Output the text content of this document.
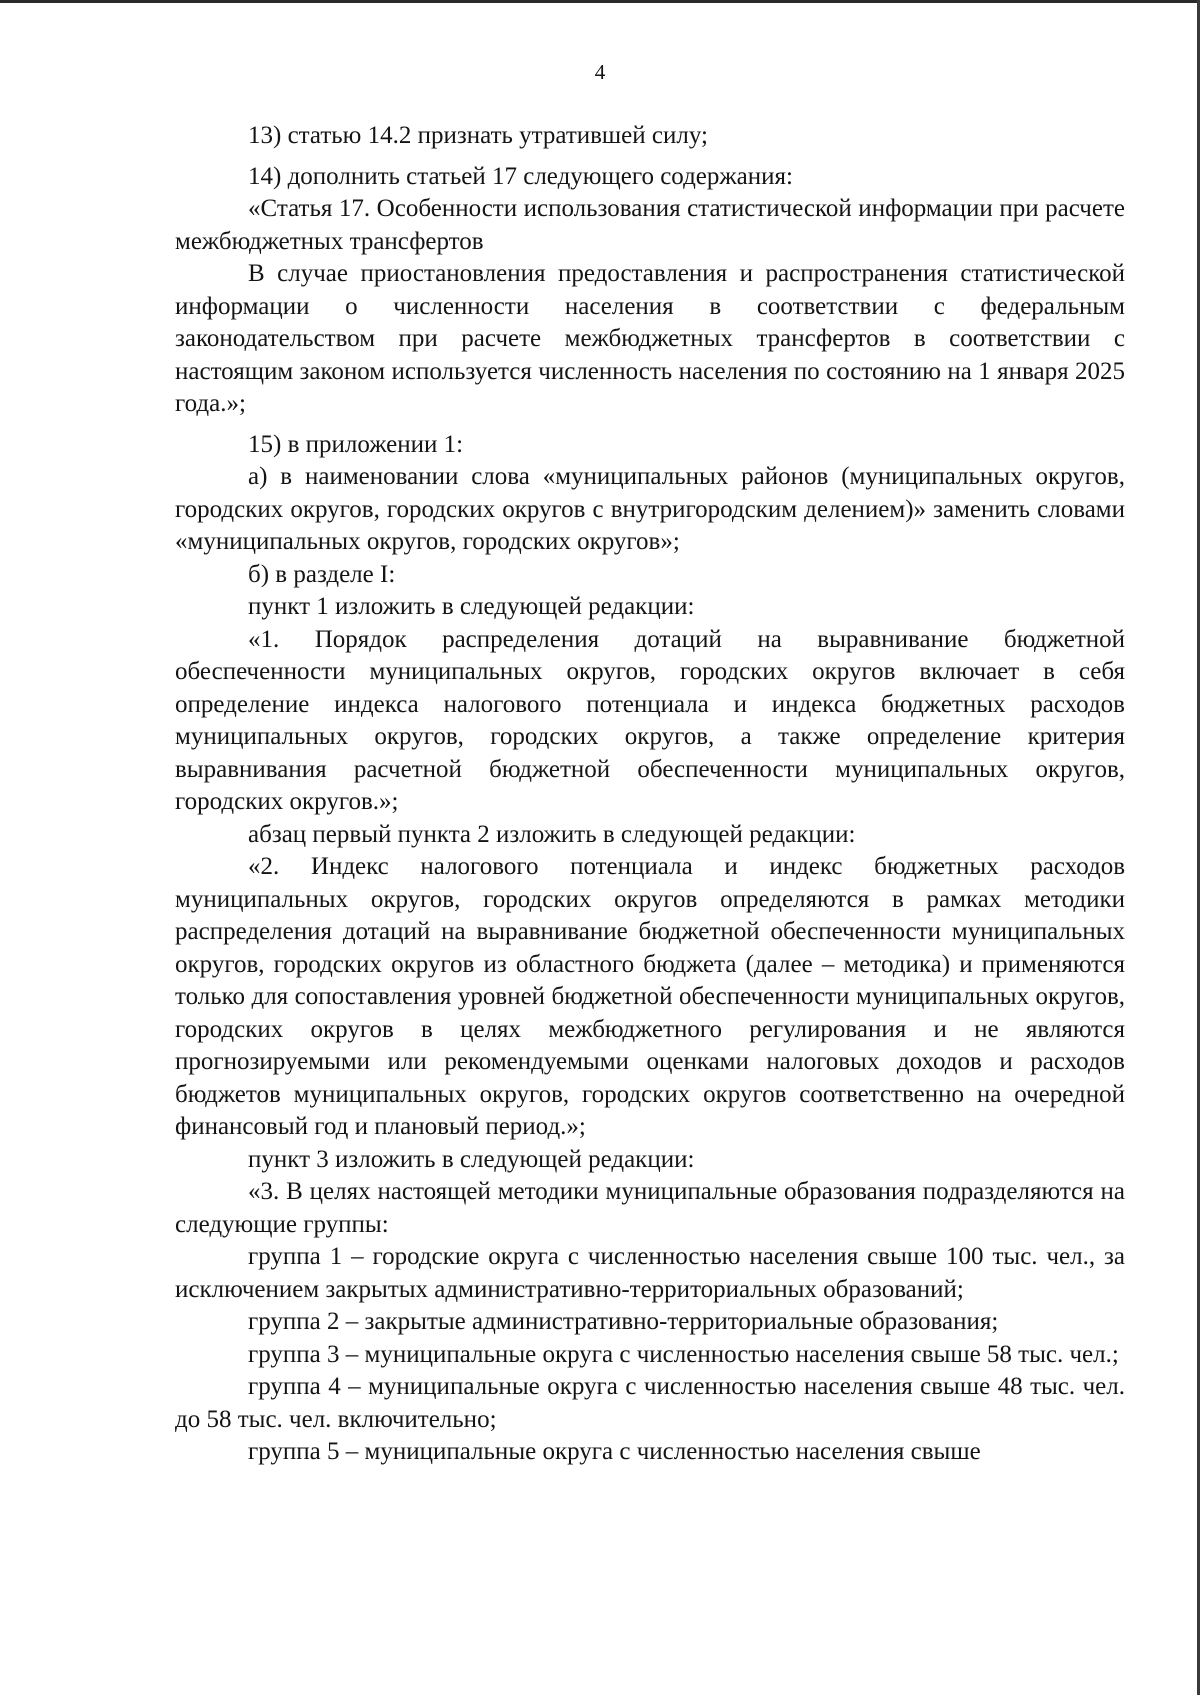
4

13) статью 14.2 признать утратившей силу;

14) дополнить статьей 17 следующего содержания:

«Статья 17. Особенности использования статистической информации при расчете межбюджетных трансфертов

В случае приостановления предоставления и распространения статистической информации о численности населения в соответствии с федеральным законодательством при расчете межбюджетных трансфертов в соответствии с настоящим законом используется численность населения по состоянию на 1 января 2025 года.»;

15) в приложении 1:

а) в наименовании слова «муниципальных районов (муниципальных округов, городских округов, городских округов с внутригородским делением)» заменить словами «муниципальных округов, городских округов»;

б) в разделе I:

пункт 1 изложить в следующей редакции:

«1. Порядок распределения дотаций на выравнивание бюджетной обеспеченности муниципальных округов, городских округов включает в себя определение индекса налогового потенциала и индекса бюджетных расходов муниципальных округов, городских округов, а также определение критерия выравнивания расчетной бюджетной обеспеченности муниципальных округов, городских округов.»;

абзац первый пункта 2 изложить в следующей редакции:

«2. Индекс налогового потенциала и индекс бюджетных расходов муниципальных округов, городских округов определяются в рамках методики распределения дотаций на выравнивание бюджетной обеспеченности муниципальных округов, городских округов из областного бюджета (далее – методика) и применяются только для сопоставления уровней бюджетной обеспеченности муниципальных округов, городских округов в целях межбюджетного регулирования и не являются прогнозируемыми или рекомендуемыми оценками налоговых доходов и расходов бюджетов муниципальных округов, городских округов соответственно на очередной финансовый год и плановый период.»;

пункт 3 изложить в следующей редакции:

«3. В целях настоящей методики муниципальные образования подразделяются на следующие группы:

группа 1 – городские округа с численностью населения свыше 100 тыс. чел., за исключением закрытых административно-территориальных образований;

группа 2 – закрытые административно-территориальные образования;

группа 3 – муниципальные округа с численностью населения свыше 58 тыс. чел.;

группа 4 – муниципальные округа с численностью населения свыше 48 тыс. чел. до 58 тыс. чел. включительно;

группа 5 – муниципальные округа с численностью населения свыше
